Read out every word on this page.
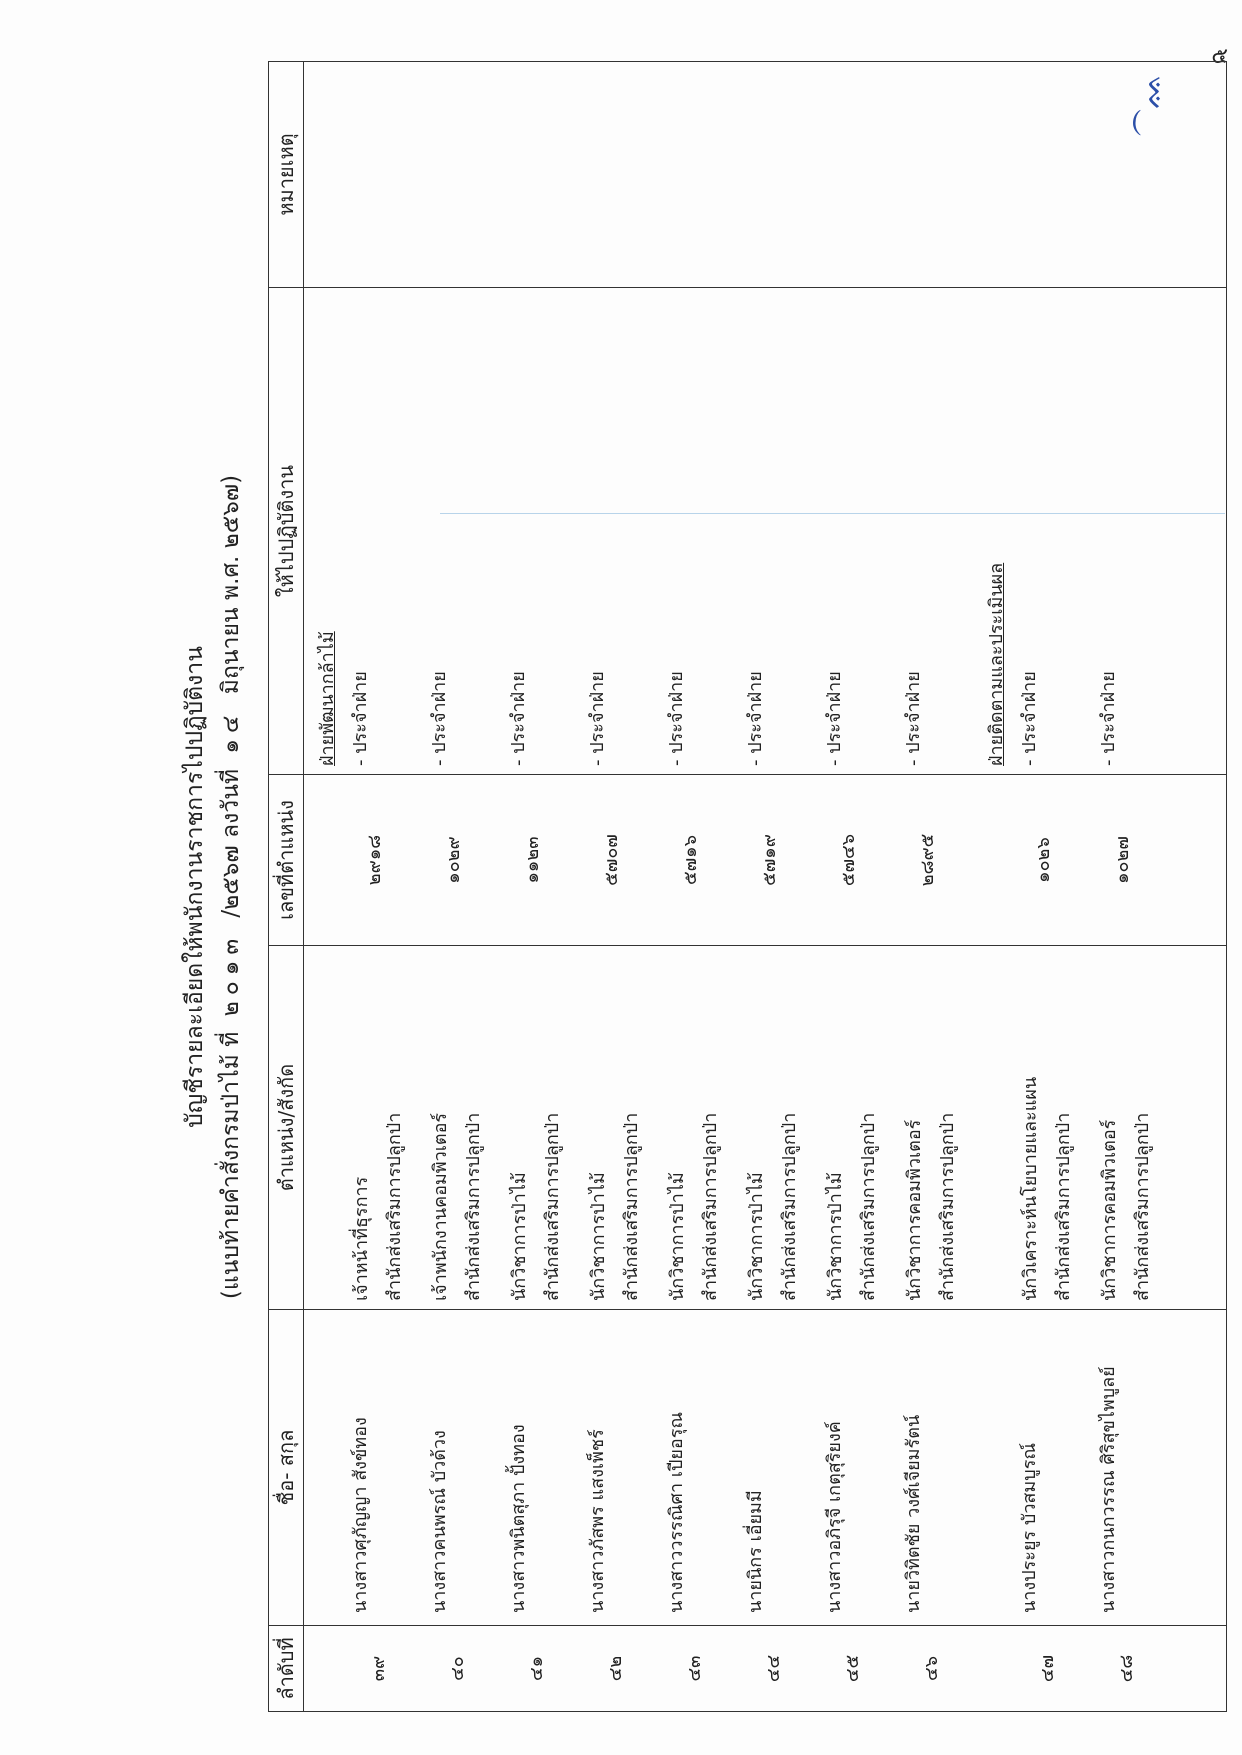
๕
บัญชีรายละเอียดให้พนักงานราชการไปปฏิบัติงาน
(แนบท้ายคำสั่งกรมป่าไม้ ที่ ๒๐๑๓ /๒๕๖๗ ลงวันที่ ๑๔ มิถุนายน พ.ศ. ๒๕๖๗)
ลำดับที่	ชื่อ- สกุล	ตำแหน่ง/สังกัด	เลขที่ตำแหน่ง	ให้ไปปฏิบัติงาน	หมายเหตุ

				ฝ่ายพัฒนากล้าไม้	

๓๙	นางสาวศุภัญญา สังข์ทอง	เจ้าหน้าที่ธุรการ สำนักส่งเสริมการปลูกป่า	๒๙๑๘	- ประจำฝ่าย	
๔๐	นางสาวคนพรณ์ บัวด้วง	เจ้าพนักงานคอมพิวเตอร์ สำนักส่งเสริมการปลูกป่า	๑๐๒๙	- ประจำฝ่าย	
๔๑	นางสาวพนิตสุภา ปั้งทอง	นักวิชาการป่าไม้ สำนักส่งเสริมการปลูกป่า	๑๑๒๓	- ประจำฝ่าย	
๔๒	นางสาวภัสพร แสงเพ็ชร์	นักวิชาการป่าไม้ สำนักส่งเสริมการปลูกป่า	๕๗๐๗	- ประจำฝ่าย	
๔๓	นางสาววรรณิศา เปียอรุณ	นักวิชาการป่าไม้ สำนักส่งเสริมการปลูกป่า	๕๗๑๖	- ประจำฝ่าย	
๔๔	นายนิกร เอี่ยมมี	นักวิชาการป่าไม้ สำนักส่งเสริมการปลูกป่า	๕๗๑๙	- ประจำฝ่าย	
๔๕	นางสาวอภิรุจี เกตุสุริยงค์	นักวิชาการป่าไม้ สำนักส่งเสริมการปลูกป่า	๕๗๔๖	- ประจำฝ่าย	
๔๖	นายวิทิตชัย วงศ์เจียมรัตน์	นักวิชาการคอมพิวเตอร์ สำนักส่งเสริมการปลูกป่า	๒๘๙๕	- ประจำฝ่าย	

				ฝ่ายติดตามและประเมินผล	

๔๗	นางประยูร บัวสมบูรณ์	นักวิเคราะห์นโยบายและแผน สำนักส่งเสริมการปลูกป่า	๑๐๒๖	- ประจำฝ่าย	
๔๘	นางสาวกนกวรรณ ศิริสุขไพบูลย์	นักวิชาการคอมพิวเตอร์ สำนักส่งเสริมการปลูกป่า	๑๐๒๗	- ประจำฝ่าย	

⁀ᨐ
